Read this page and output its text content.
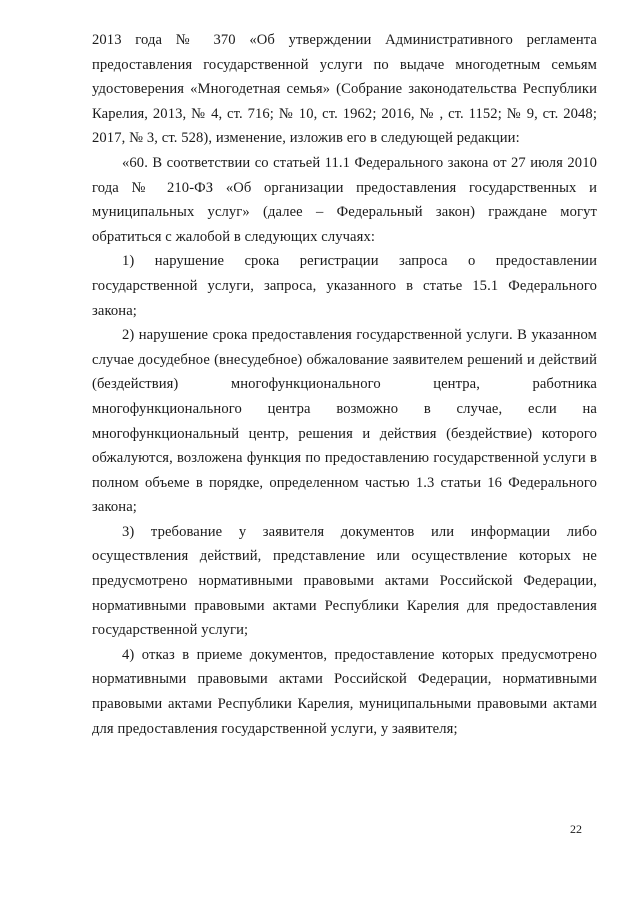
2013 года № 370 «Об утверждении Административного регламента предоставления государственной услуги по выдаче многодетным семьям удостоверения «Многодетная семья» (Собрание законодательства Республики Карелия, 2013, № 4, ст. 716; № 10, ст. 1962; 2016, № , ст. 1152; № 9, ст. 2048; 2017, № 3, ст. 528), изменение, изложив его в следующей редакции:

«60. В соответствии со статьей 11.1 Федерального закона от 27 июля 2010 года № 210-ФЗ «Об организации предоставления государственных и муниципальных услуг» (далее – Федеральный закон) граждане могут обратиться с жалобой в следующих случаях:

1) нарушение срока регистрации запроса о предоставлении государственной услуги, запроса, указанного в статье 15.1 Федерального закона;

2) нарушение срока предоставления государственной услуги. В указанном случае досудебное (внесудебное) обжалование заявителем решений и действий (бездействия) многофункционального центра, работника многофункционального центра возможно в случае, если на многофункциональный центр, решения и действия (бездействие) которого обжалуются, возложена функция по предоставлению государственной услуги в полном объеме в порядке, определенном частью 1.3 статьи 16 Федерального закона;

3) требование у заявителя документов или информации либо осуществления действий, представление или осуществление которых не предусмотрено нормативными правовыми актами Российской Федерации, нормативными правовыми актами Республики Карелия для предоставления государственной услуги;

4) отказ в приеме документов, предоставление которых предусмотрено нормативными правовыми актами Российской Федерации, нормативными правовыми актами Республики Карелия, муниципальными правовыми актами для предоставления государственной услуги, у заявителя;

22
